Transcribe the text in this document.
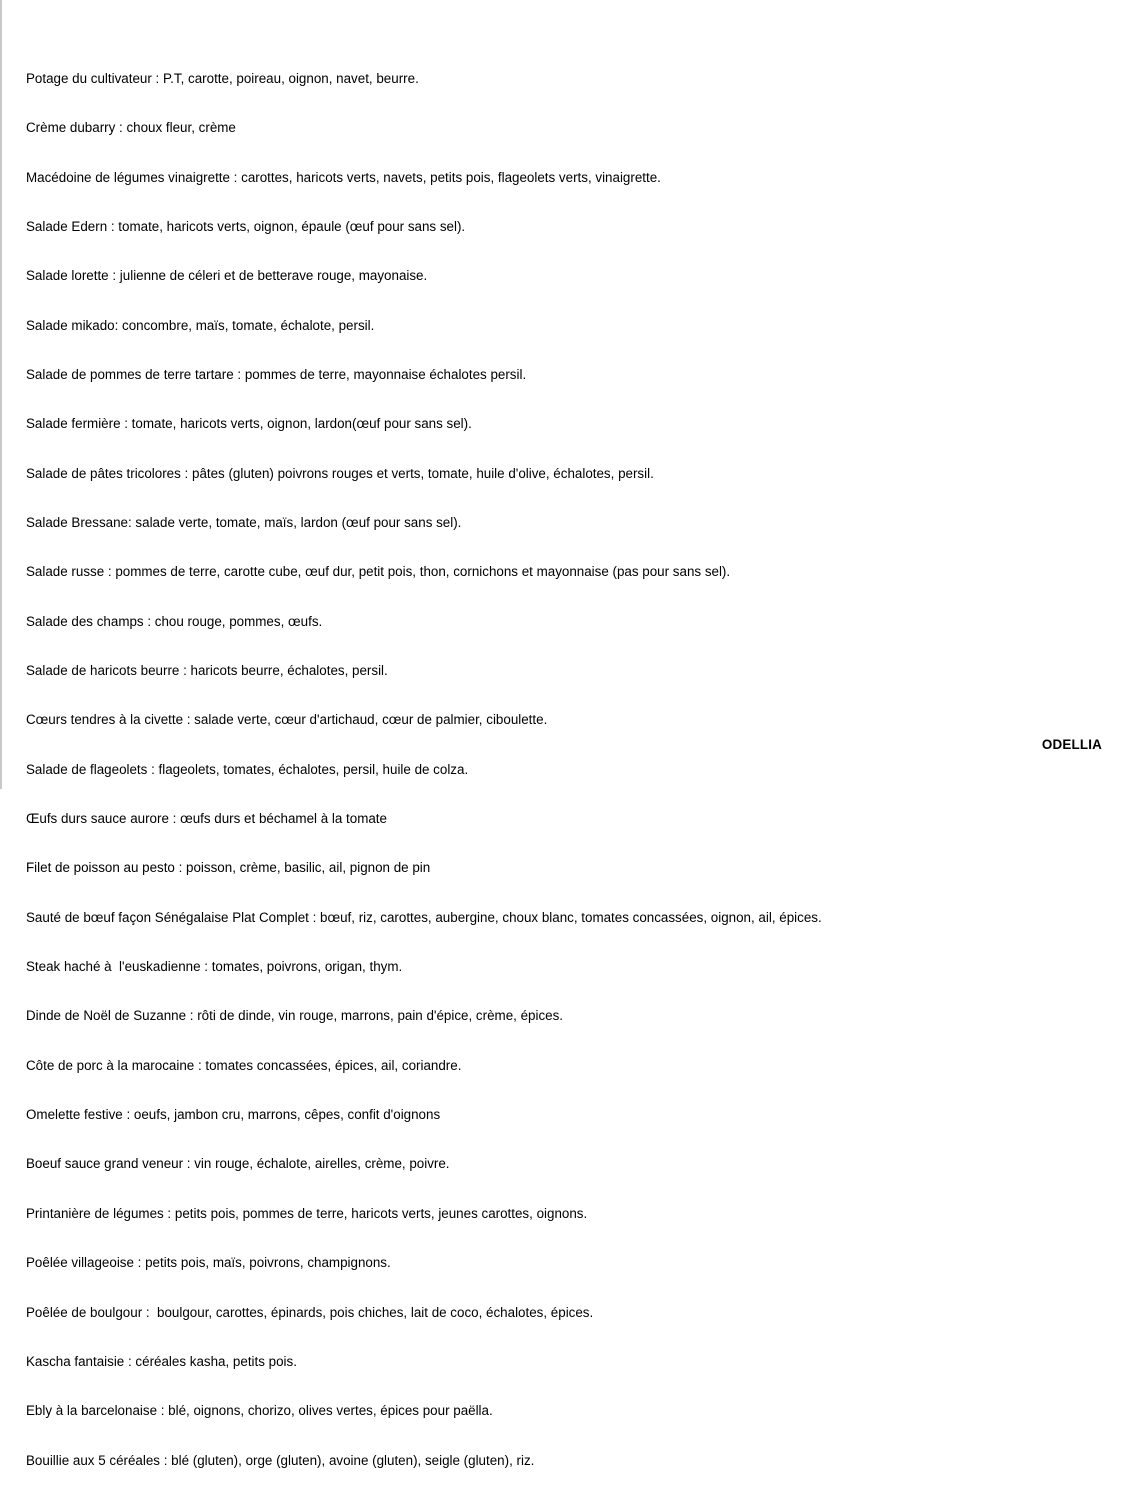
Potage du cultivateur : P.T, carotte, poireau, oignon, navet, beurre.

Crème dubarry : choux fleur, crème

Macédoine de légumes vinaigrette : carottes, haricots verts, navets, petits pois, flageolets verts, vinaigrette.

Salade Edern : tomate, haricots verts, oignon, épaule (œuf pour sans sel).

Salade lorette : julienne de céleri et de betterave rouge, mayonaise.

Salade mikado: concombre, maïs, tomate, échalote, persil.

Salade de pommes de terre tartare : pommes de terre, mayonnaise échalotes persil.

Salade fermière : tomate, haricots verts, oignon, lardon(œuf pour sans sel).

Salade de pâtes tricolores : pâtes (gluten) poivrons rouges et verts, tomate, huile d'olive, échalotes, persil.

Salade Bressane: salade verte, tomate, maïs, lardon (œuf pour sans sel).

Salade russe : pommes de terre, carotte cube, œuf dur, petit pois, thon, cornichons et mayonnaise (pas pour sans sel).

Salade des champs : chou rouge, pommes, œufs.

Salade de haricots beurre : haricots beurre, échalotes, persil.

Cœurs tendres à la civette : salade verte, cœur d'artichaud, cœur de palmier, ciboulette.

Salade de flageolets : flageolets, tomates, échalotes, persil, huile de colza.

Œufs durs sauce aurore : œufs durs et béchamel à la tomate

Filet de poisson au pesto : poisson, crème, basilic, ail, pignon de pin

Sauté de bœuf façon Sénégalaise Plat Complet : bœuf, riz, carottes, aubergine, choux blanc, tomates concassées, oignon, ail, épices.

Steak haché à  l'euskadienne : tomates, poivrons, origan, thym.

Dinde de Noël de Suzanne : rôti de dinde, vin rouge, marrons, pain d'épice, crème, épices.

Côte de porc à la marocaine : tomates concassées, épices, ail, coriandre.

Omelette festive : oeufs, jambon cru, marrons, cêpes, confit d'oignons

Boeuf sauce grand veneur : vin rouge, échalote, airelles, crème, poivre.

Printanière de légumes : petits pois, pommes de terre, haricots verts, jeunes carottes, oignons.

Poêlée villageoise : petits pois, maïs, poivrons, champignons.

Poêlée de boulgour :  boulgour, carottes, épinards, pois chiches, lait de coco, échalotes, épices.

Kascha fantaisie : céréales kasha, petits pois.

Ebly à la barcelonaise : blé, oignons, chorizo, olives vertes, épices pour paëlla.

Bouillie aux 5 céréales : blé (gluten), orge (gluten), avoine (gluten), seigle (gluten), riz.

ODELLIA
